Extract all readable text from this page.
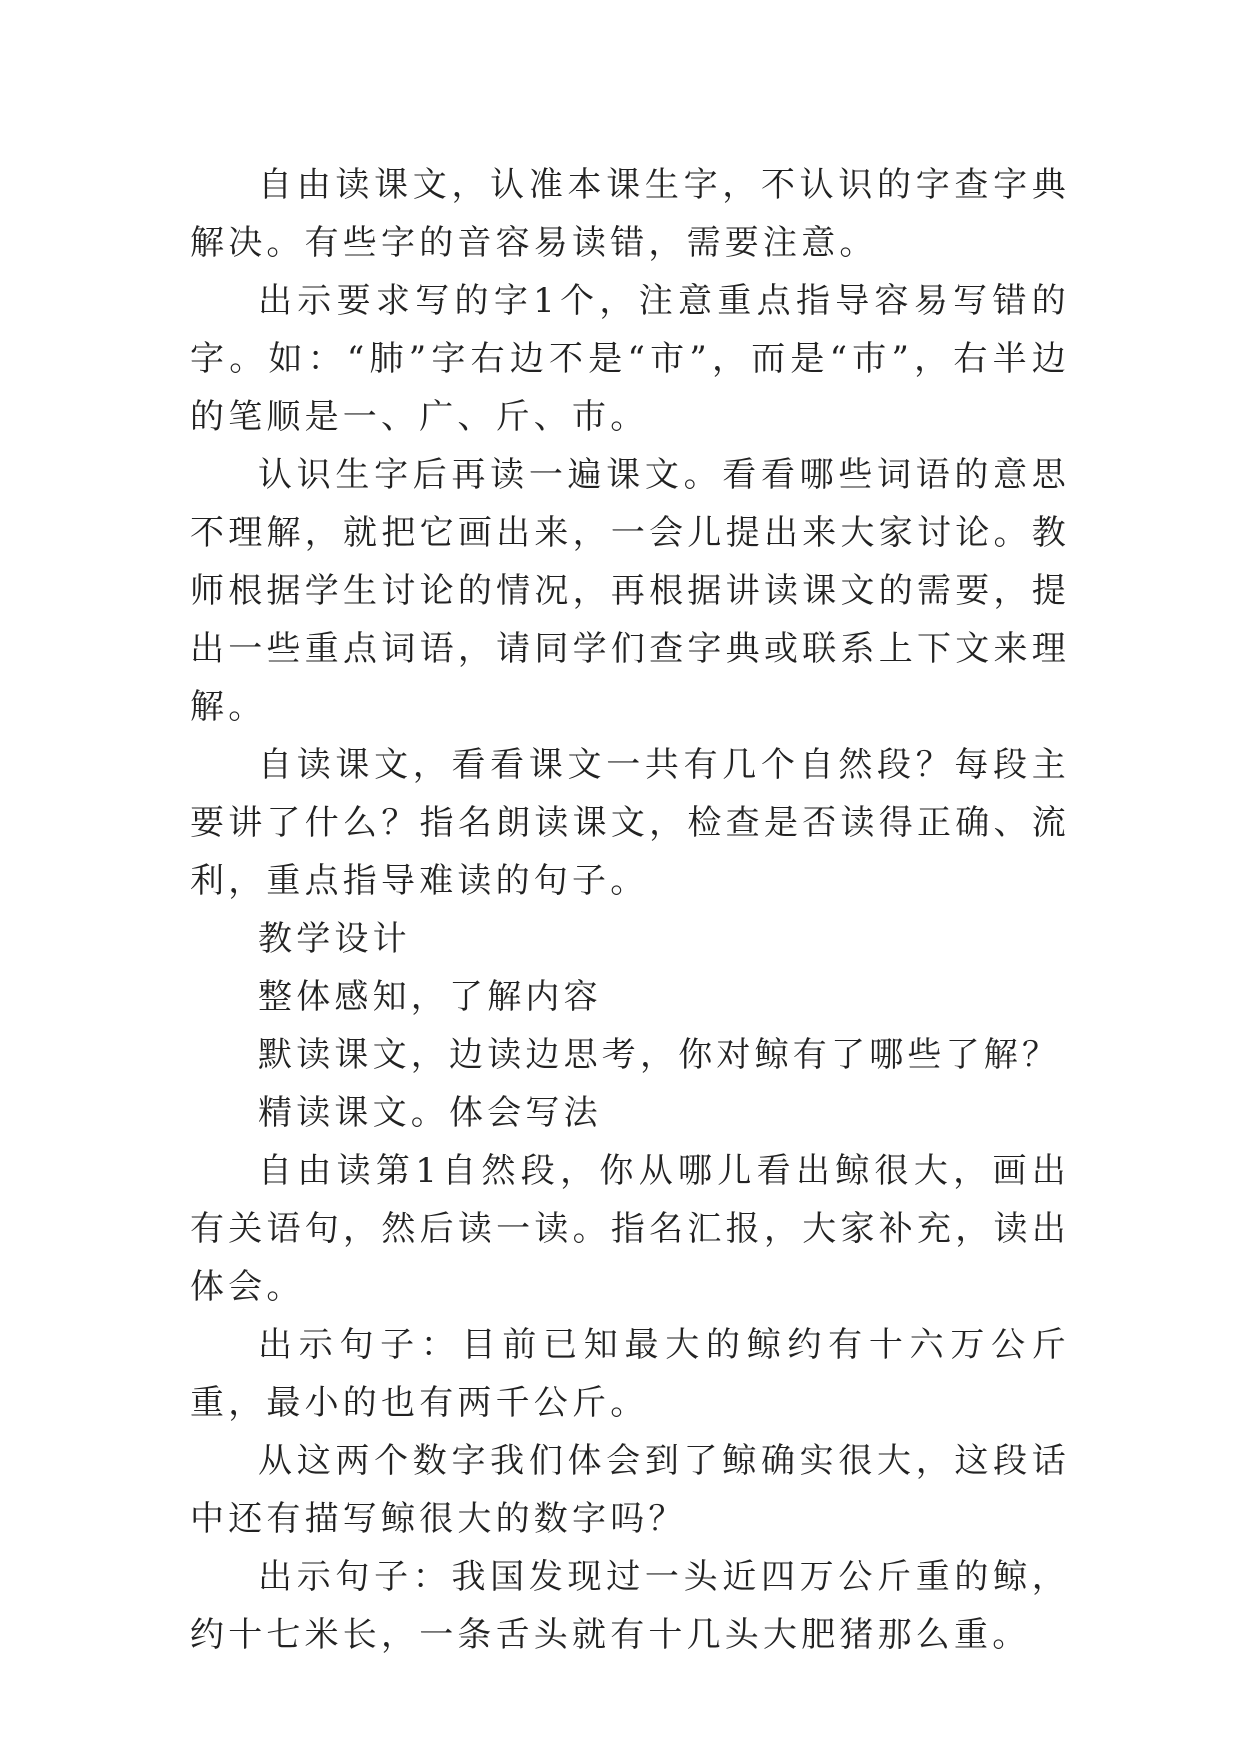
自由读课文，认准本课生字，不认识的字查字典解决。有些字的音容易读错，需要注意。

出示要求写的字1个，注意重点指导容易写错的字。如：“肺”字右边不是“市”，而是“巿”，右半边的笔顺是一、广、斤、巿。

认识生字后再读一遍课文。看看哪些词语的意思不理解，就把它画出来，一会儿提出来大家讨论。教师根据学生讨论的情况，再根据讲读课文的需要，提出一些重点词语，请同学们查字典或联系上下文来理解。

自读课文，看看课文一共有几个自然段？每段主要讲了什么？指名朗读课文，检查是否读得正确、流利，重点指导难读的句子。

教学设计

整体感知，了解内容

默读课文，边读边思考，你对鲸有了哪些了解？

精读课文。体会写法

自由读第1自然段，你从哪儿看出鲸很大，画出有关语句，然后读一读。指名汇报，大家补充，读出体会。

出示句子：目前已知最大的鲸约有十六万公斤重，最小的也有两千公斤。

从这两个数字我们体会到了鲸确实很大，这段话中还有描写鲸很大的数字吗？

出示句子：我国发现过一头近四万公斤重的鲸，约十七米长，一条舌头就有十几头大肥猪那么重。
